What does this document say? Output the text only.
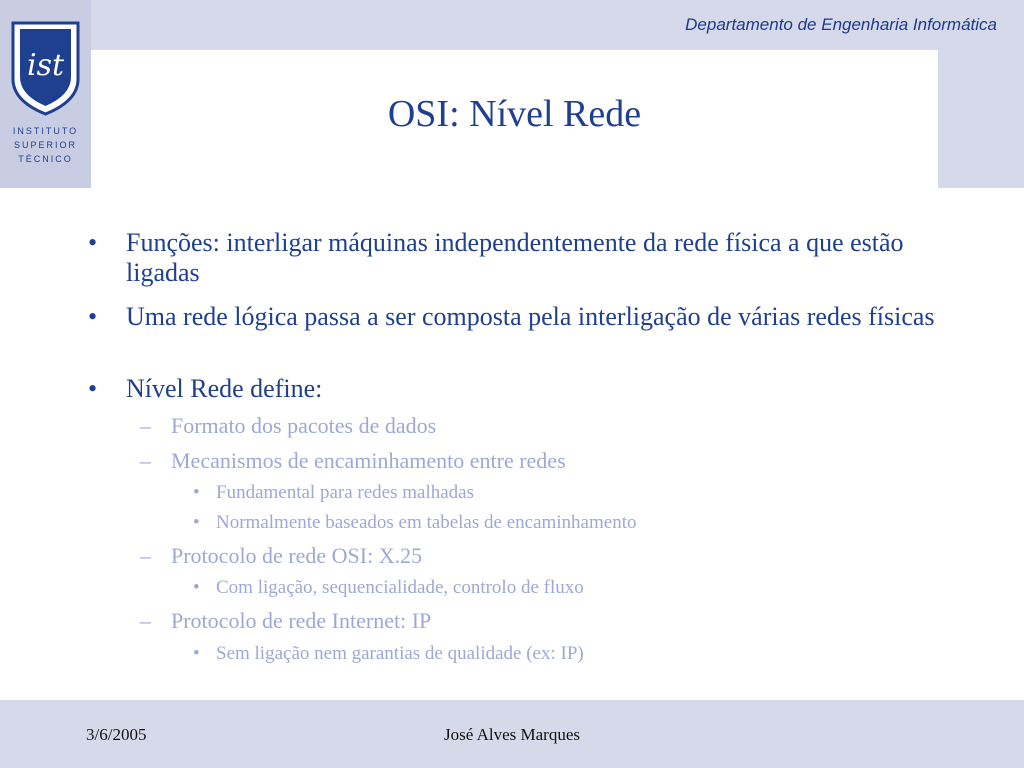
ist
INSTITUTO
SUPERIOR
TÉCNICO
Departamento de Engenharia Informática
OSI: Nível Rede
• Funções: interligar máquinas independentemente da rede física a que estão ligadas
• Uma rede lógica passa a ser composta pela interligação de várias redes físicas
• Nível Rede define:
– Formato dos pacotes de dados
– Mecanismos de encaminhamento entre redes
• Fundamental para redes malhadas
• Normalmente baseados em tabelas de encaminhamento
– Protocolo de rede OSI: X.25
• Com ligação, sequencialidade, controlo de fluxo
– Protocolo de rede Internet: IP
• Sem ligação nem garantias de qualidade (ex: IP)
3/6/2005	José Alves Marques
